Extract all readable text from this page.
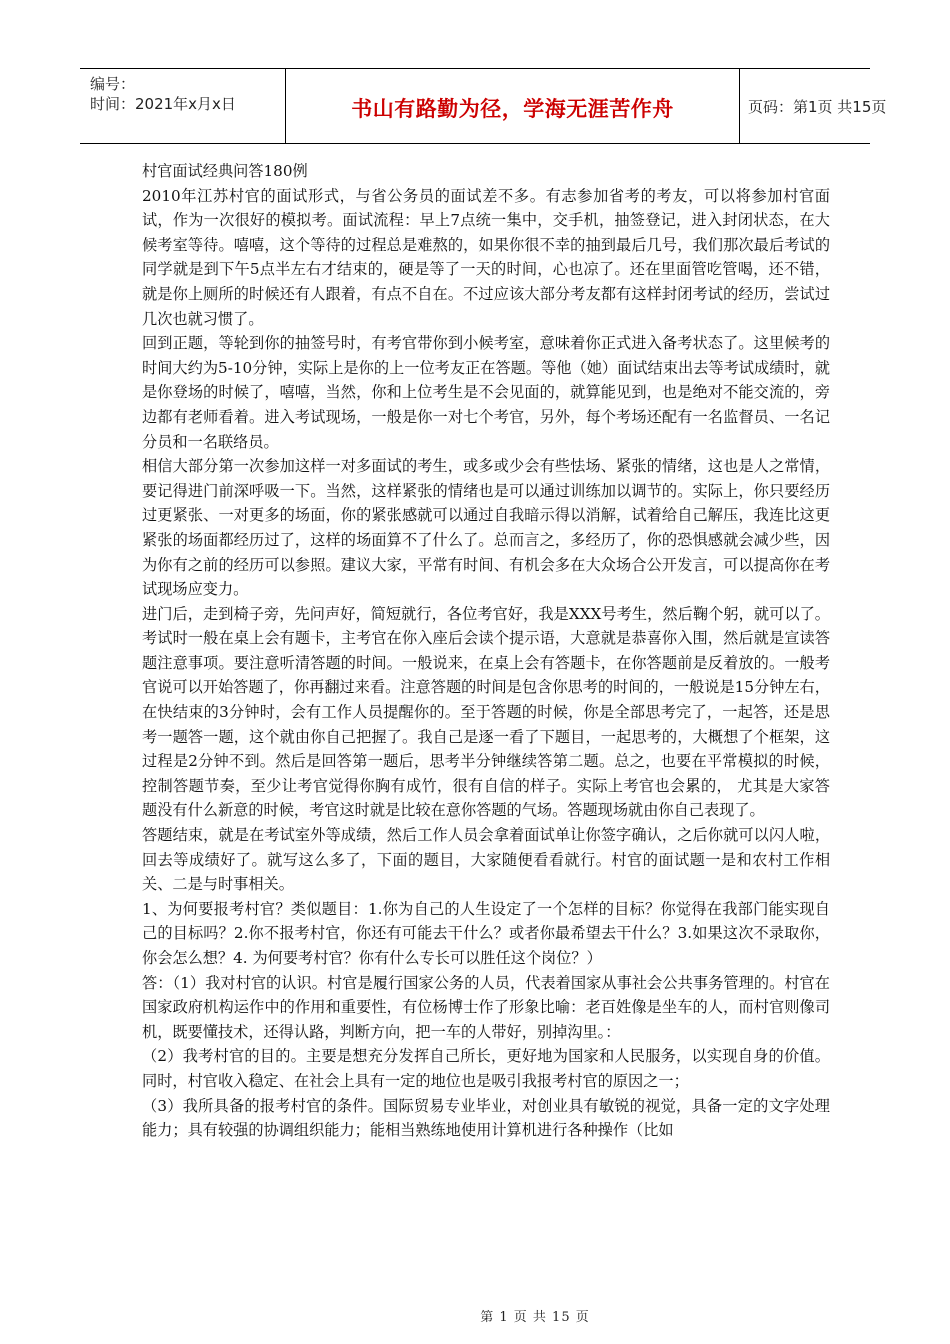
编号：
时间：2021年x月x日	书山有路勤为径，学海无涯苦作舟	页码：第1页 共15页

村官面试经典问答180例

2010年江苏村官的面试形式，与省公务员的面试差不多。有志参加省考的考友，可以将参加村官面试，作为一次很好的模拟考。面试流程：早上7点统一集中，交手机，抽签登记，进入封闭状态，在大候考室等待。嘻嘻，这个等待的过程总是难熬的，如果你很不幸的抽到最后几号，我们那次最后考试的同学就是到下午5点半左右才结束的，硬是等了一天的时间，心也凉了。还在里面管吃管喝，还不错，就是你上厕所的时候还有人跟着，有点不自在。不过应该大部分考友都有这样封闭考试的经历，尝试过几次也就习惯了。

回到正题，等轮到你的抽签号时，有考官带你到小候考室，意味着你正式进入备考状态了。这里候考的时间大约为5-10分钟，实际上是你的上一位考友正在答题。等他（她）面试结束出去等考试成绩时，就是你登场的时候了，嘻嘻，当然，你和上位考生是不会见面的，就算能见到，也是绝对不能交流的，旁边都有老师看着。进入考试现场，一般是你一对七个考官，另外，每个考场还配有一名监督员、一名记分员和一名联络员。

相信大部分第一次参加这样一对多面试的考生，或多或少会有些怯场、紧张的情绪，这也是人之常情，要记得进门前深呼吸一下。当然，这样紧张的情绪也是可以通过训练加以调节的。实际上，你只要经历过更紧张、一对更多的场面，你的紧张感就可以通过自我暗示得以消解，试着给自己解压，我连比这更紧张的场面都经历过了，这样的场面算不了什么了。总而言之，多经历了，你的恐惧感就会减少些，因为你有之前的经历可以参照。建议大家，平常有时间、有机会多在大众场合公开发言，可以提高你在考试现场应变力。

进门后，走到椅子旁，先问声好，简短就行，各位考官好，我是XXX号考生，然后鞠个躬，就可以了。考试时一般在桌上会有题卡，主考官在你入座后会读个提示语，大意就是恭喜你入围，然后就是宣读答题注意事项。要注意听清答题的时间。一般说来，在桌上会有答题卡，在你答题前是反着放的。一般考官说可以开始答题了，你再翻过来看。注意答题的时间是包含你思考的时间的，一般说是15分钟左右，在快结束的3分钟时，会有工作人员提醒你的。至于答题的时候，你是全部思考完了，一起答，还是思考一题答一题，这个就由你自己把握了。我自己是逐一看了下题目，一起思考的，大概想了个框架，这过程是2分钟不到。然后是回答第一题后，思考半分钟继续答第二题。总之，也要在平常模拟的时候，控制答题节奏，至少让考官觉得你胸有成竹，很有自信的样子。实际上考官也会累的， 尤其是大家答题没有什么新意的时候，考官这时就是比较在意你答题的气场。答题现场就由你自己表现了。

答题结束，就是在考试室外等成绩，然后工作人员会拿着面试单让你签字确认，之后你就可以闪人啦，回去等成绩好了。就写这么多了，下面的题目，大家随便看看就行。村官的面试题一是和农村工作相关、二是与时事相关。

1、为何要报考村官？类似题目：1.你为自己的人生设定了一个怎样的目标？你觉得在我部门能实现自己的目标吗？2.你不报考村官，你还有可能去干什么？或者你最希望去干什么？3.如果这次不录取你，你会怎么想？4. 为何要考村官？你有什么专长可以胜任这个岗位？）

答：（1）我对村官的认识。村官是履行国家公务的人员，代表着国家从事社会公共事务管理的。村官在国家政府机构运作中的作用和重要性，有位杨博士作了形象比喻：老百姓像是坐车的人，而村官则像司机，既要懂技术，还得认路，判断方向，把一车的人带好，别掉沟里。：

（2）我考村官的目的。主要是想充分发挥自己所长，更好地为国家和人民服务，以实现自身的价值。同时，村官收入稳定、在社会上具有一定的地位也是吸引我报考村官的原因之一；

（3）我所具备的报考村官的条件。国际贸易专业毕业，对创业具有敏锐的视觉，具备一定的文字处理能力；具有较强的协调组织能力；能相当熟练地使用计算机进行各种操作（比如

第 1 页 共 15 页
